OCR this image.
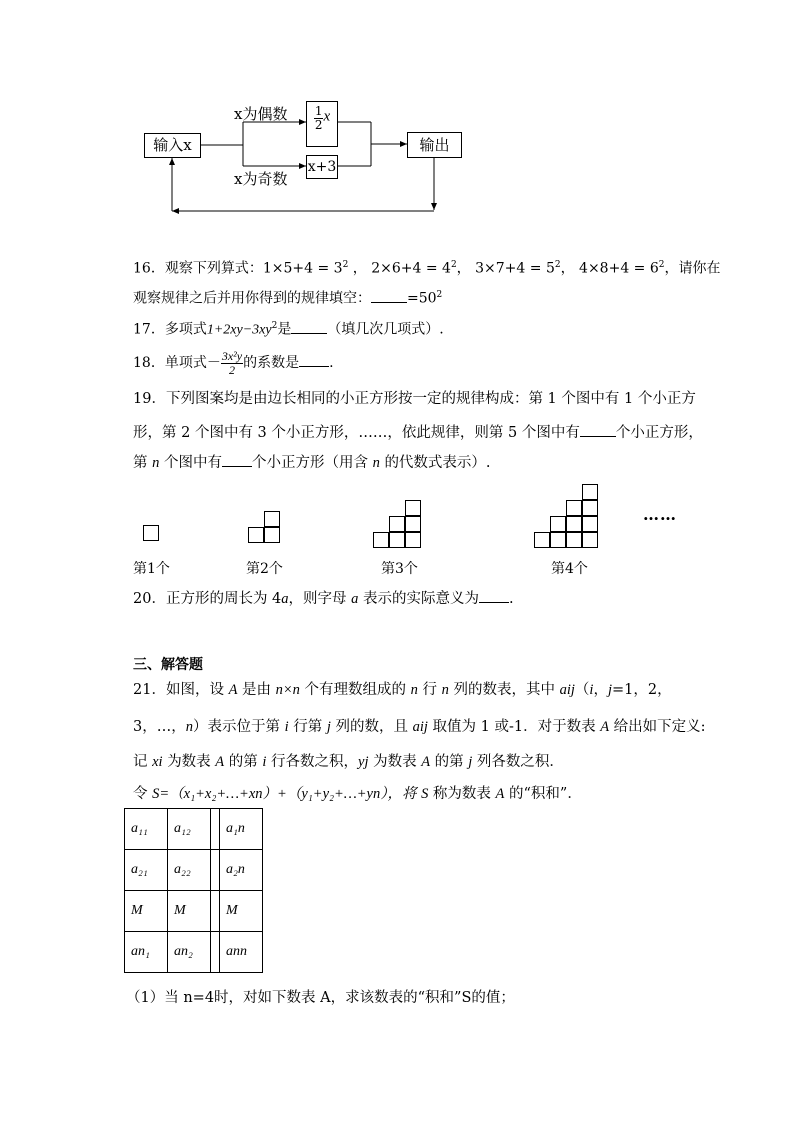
输入x
x为偶数
x为奇数
$\frac{1}{2}$ x
x+3
输出
16．观察下列算式：$1\times 5+4 = 3^2$ ， $2\times 6+4 = 4^2$， $3\times 7+4 = 5^2$， $4\times 8+4 = 6^2$，请你在
观察规律之后并用你得到的规律填空：	$=50^2$
17．多项式$1+2xy-3xy^2$是	（填几次几项式）.
18．单项式－ $\frac{\text{3x²y}}{2}$ 的系数是 .
19．下列图案均是由边长相同的小正方形按一定的规律构成：第 1 个图中有 1 个小正方
形，第 2 个图中有 3 个小正方形，……，依此规律，则第 5 个图中有 个小正方形，
第 n 个图中有 个小正方形（用含 n 的代数式表示）.
……
第1个	第2个	第3个	第4个
20．正方形的周长为 4a，则字母 a 表示的实际意义为 .
三、解答题
21．如图，设 A 是由 n×n 个有理数组成的 n 行 n 列的数表，其中 aij（i，j=1，2，
3，…，n）表示位于第 i 行第 j 列的数，且 aij 取值为 1 或-1．对于数表 A 给出如下定义:
记 xi 为数表 A 的第 i 行各数之积，yj 为数表 A 的第 j 列各数之积．
令 S=（x₁+x₂+…+xn）+（y₁+y₂+…+yn），将 S 称为数表 A 的“积和”．
a₁₁	a₁₂		a₁n
a₂₁	a₂₂		a₂n
M	M		M
an₁	an₂		ann
（1）当 n=4时，对如下数表 A，求该数表的“积和”S的值；
